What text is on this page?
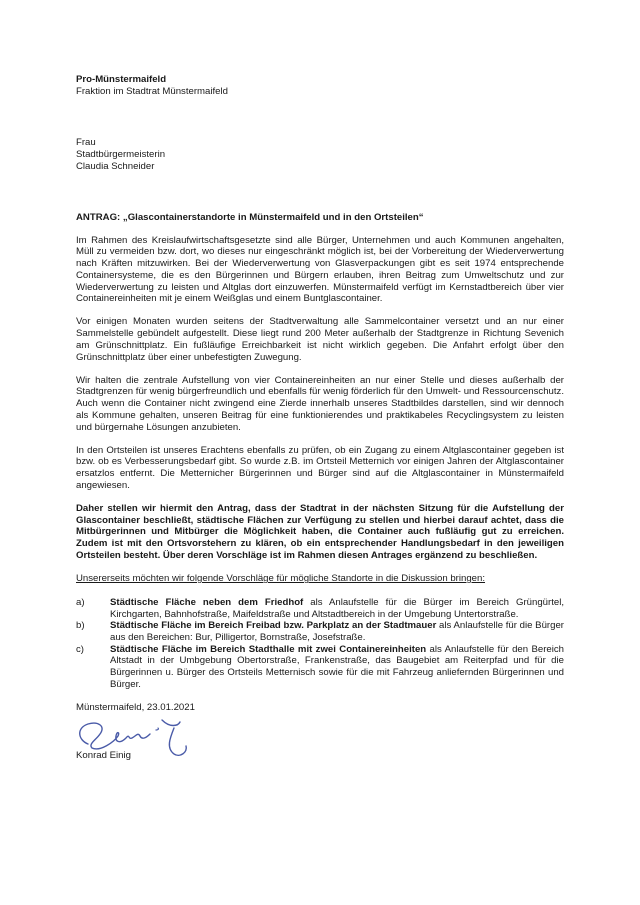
Pro-Münstermaifeld
Fraktion im Stadtrat Münstermaifeld
Frau
Stadtbürgermeisterin
Claudia Schneider
ANTRAG: „Glascontainerstandorte in Münstermaifeld und in den Ortsteilen“

Im Rahmen des Kreislaufwirtschaftsgesetzte sind alle Bürger, Unternehmen und auch Kommunen angehalten, Müll zu vermeiden bzw. dort, wo dieses nur eingeschränkt möglich ist, bei der Vorbereitung der Wiederverwertung nach Kräften mitzuwirken. Bei der Wiederverwertung von Glasverpackungen gibt es seit 1974 entsprechende Containersysteme, die es den Bürgerinnen und Bürgern erlauben, ihren Beitrag zum Umweltschutz und zur Wiederverwertung zu leisten und Altglas dort einzuwerfen. Münstermaifeld verfügt im Kernstadtbereich über vier Containereinheiten mit je einem Weißglas und einem Buntglascontainer.

Vor einigen Monaten wurden seitens der Stadtverwaltung alle Sammelcontainer versetzt und an nur einer Sammelstelle gebündelt aufgestellt. Diese liegt rund 200 Meter außerhalb der Stadtgrenze in Richtung Sevenich am Grünschnittplatz. Ein fußläufige Erreichbarkeit ist nicht wirklich gegeben. Die Anfahrt erfolgt über den Grünschnittplatz über einer unbefestigten Zuwegung.

Wir halten die zentrale Aufstellung von vier Containereinheiten an nur einer Stelle und dieses außerhalb der Stadtgrenzen für wenig bürgerfreundlich und ebenfalls für wenig förderlich für den Umwelt- und Ressourcenschutz. Auch wenn die Container nicht zwingend eine Zierde innerhalb unseres Stadtbildes darstellen, sind wir dennoch als Kommune gehalten, unseren Beitrag für eine funktionierendes und praktikabeles Recyclingsystem zu leisten und bürgernahe Lösungen anzubieten.

In den Ortsteilen ist unseres Erachtens ebenfalls zu prüfen, ob ein Zugang zu einem Altglascontainer gegeben ist bzw. ob es Verbesserungsbedarf gibt. So wurde z.B. im Ortsteil Metternich vor einigen Jahren der Altglascontainer ersatzlos entfernt. Die Metternicher Bürgerinnen und Bürger sind auf die Altglascontainer in Münstermaifeld angewiesen.

Daher stellen wir hiermit den Antrag, dass der Stadtrat in der nächsten Sitzung für die Aufstellung der Glascontainer beschließt, städtische Flächen zur Verfügung zu stellen und hierbei darauf achtet, dass die Mitbürgerinnen und Mitbürger die Möglichkeit haben, die Container auch fußläufig gut zu erreichen. Zudem ist mit den Ortsvorstehern zu klären, ob ein entsprechender Handlungsbedarf in den jeweiligen Ortsteilen besteht. Über deren Vorschläge ist im Rahmen diesen Antrages ergänzend zu beschließen.

Unsererseits möchten wir folgende Vorschläge für mögliche Standorte in die Diskussion bringen:

a)	Städtische Fläche neben dem Friedhof als Anlaufstelle für die Bürger im Bereich Grüngürtel, Kirchgarten, Bahnhofstraße, Maifeldstraße und Altstadtbereich in der Umgebung Untertorstraße.
b)	Städtische Fläche im Bereich Freibad bzw. Parkplatz an der Stadtmauer als Anlaufstelle für die Bürger aus den Bereichen: Bur, Pilligertor, Bornstraße, Josefstraße.
c)	Städtische Fläche im Bereich Stadthalle mit zwei Containereinheiten als Anlaufstelle für den Bereich Altstadt in der Umbgebung Obertorstraße, Frankenstraße, das Baugebiet am Reiterpfad und für die Bürgerinnen u. Bürger des Ortsteils Metternisch sowie für die mit Fahrzeug anliefernden Bürgerinnen und Bürger.

Münstermaifeld, 23.01.2021

Konrad Einig
